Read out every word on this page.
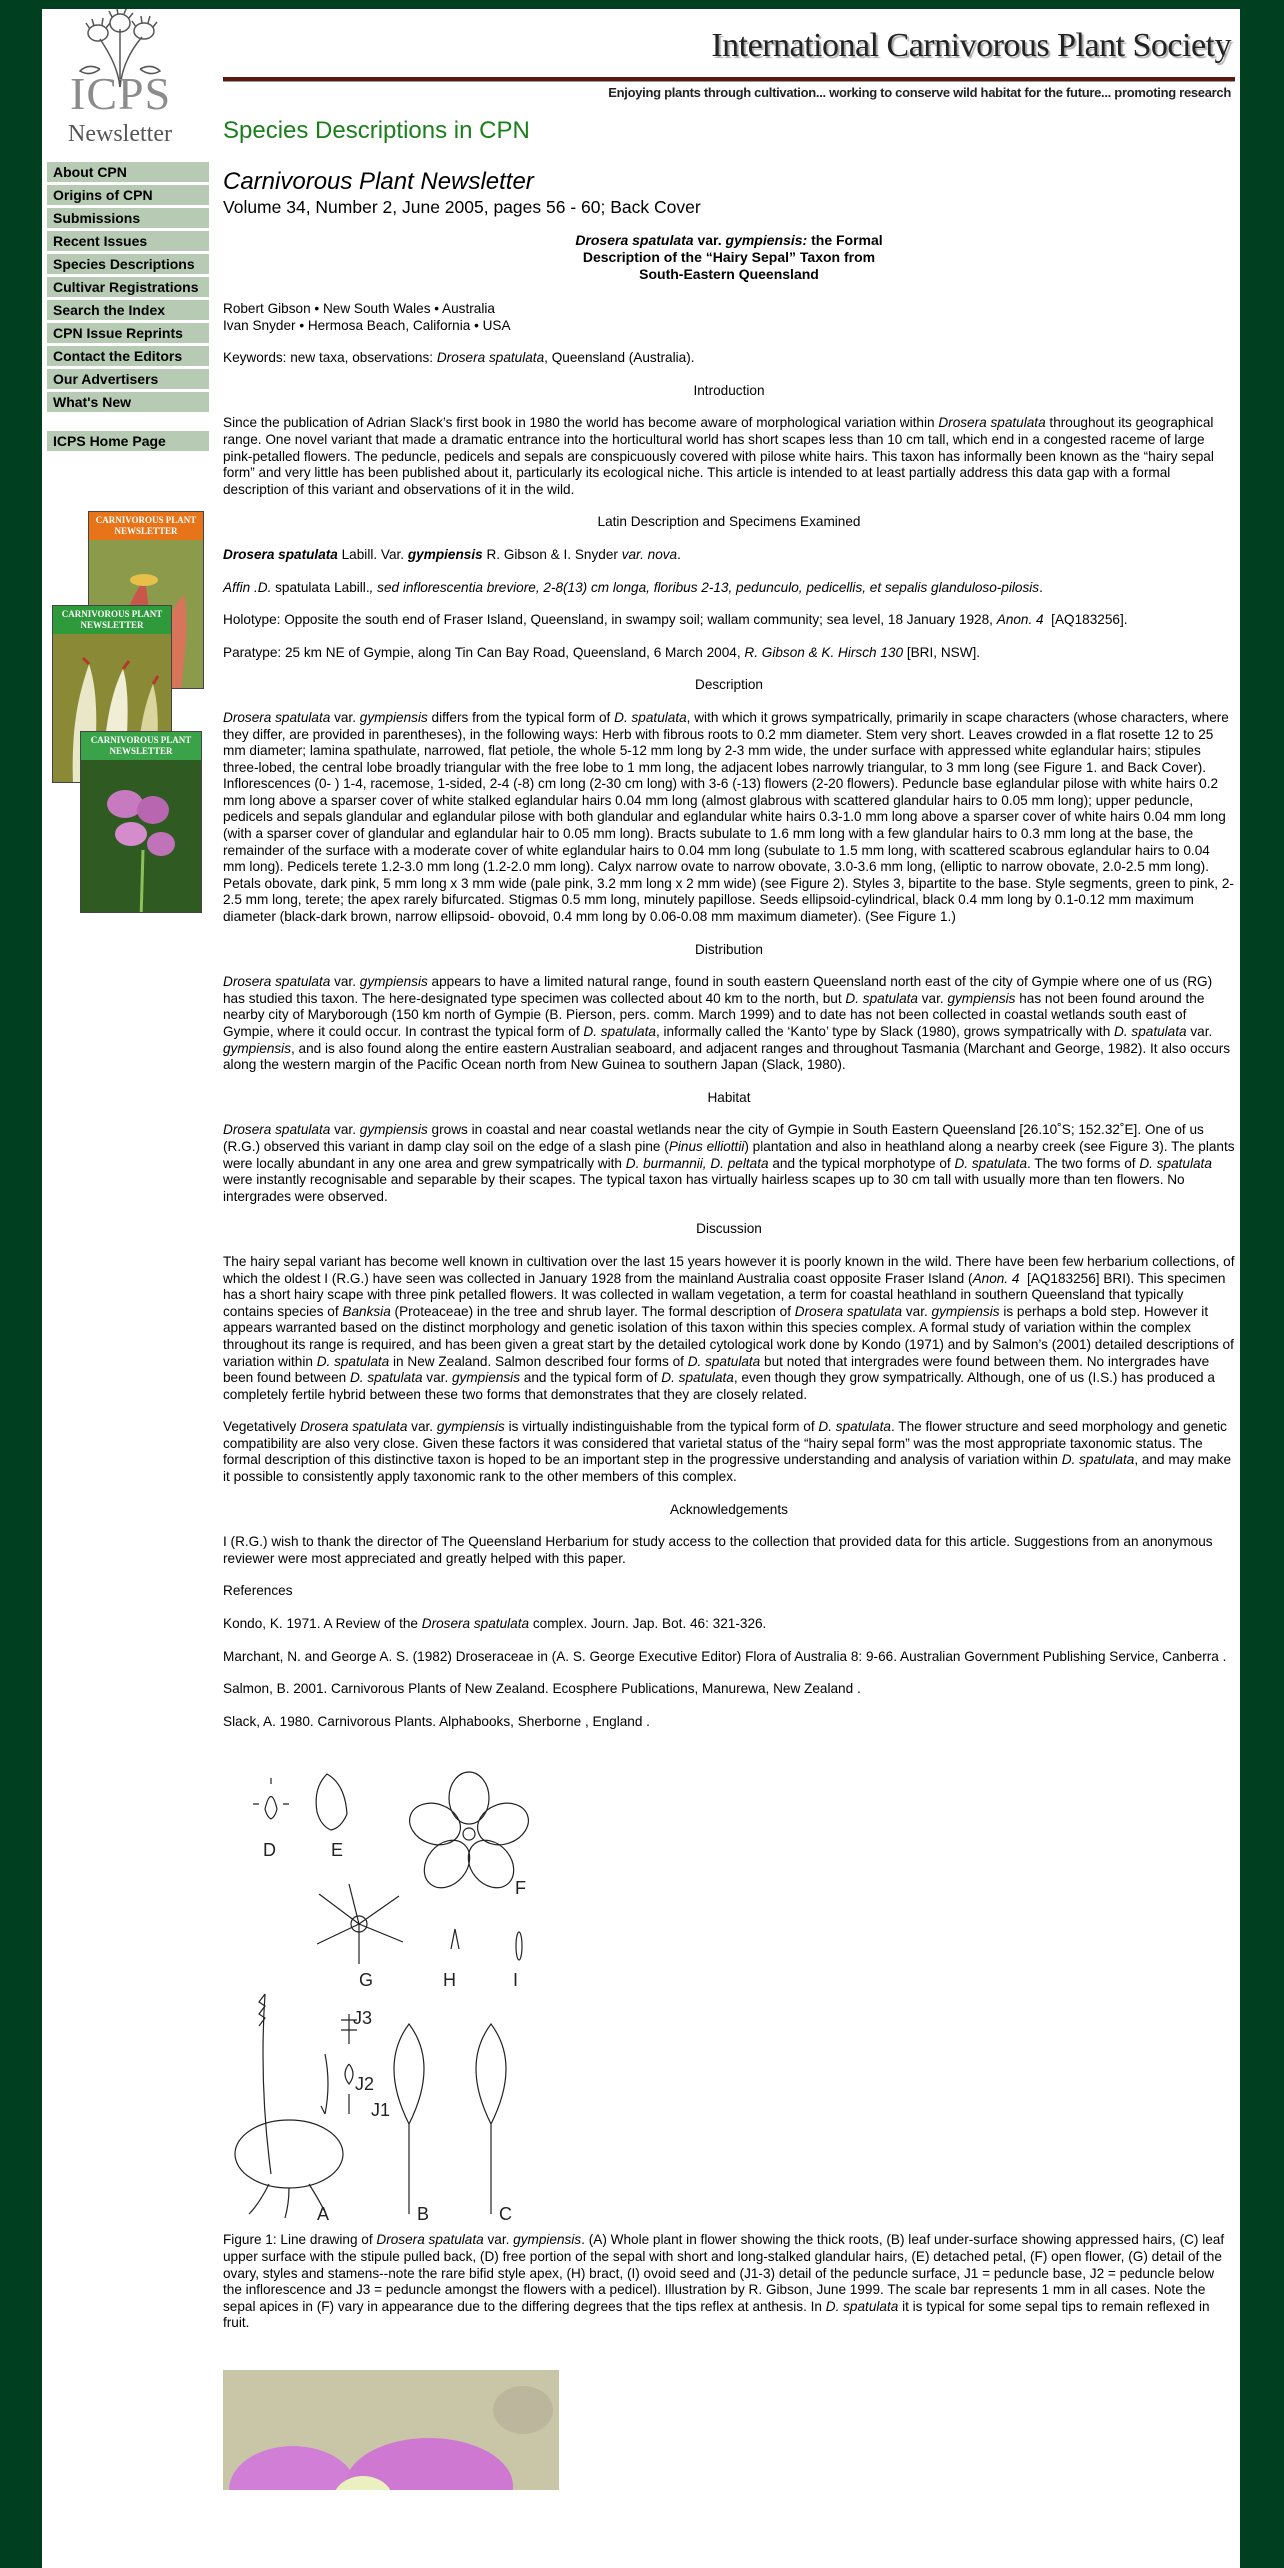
ICPS
Newsletter
About CPN
Origins of CPN
Submissions
Recent Issues
Species Descriptions
Cultivar Registrations
Search the Index
CPN Issue Reprints
Contact the Editors
Our Advertisers
What's New
ICPS Home Page
CARNIVOROUS PLANT NEWSLETTER
CARNIVOROUS PLANT NEWSLETTER
CARNIVOROUS PLANT NEWSLETTER
International Carnivorous Plant Society
Enjoying plants through cultivation... working to conserve wild habitat for the future... promoting research
Species Descriptions in CPN
Carnivorous Plant Newsletter
Volume 34, Number 2, June 2005, pages 56 - 60; Back Cover
Drosera spatulata var. gympiensis: the Formal
Description of the “Hairy Sepal” Taxon from
South-Eastern Queensland
Robert Gibson • New South Wales • Australia
Ivan Snyder • Hermosa Beach, California • USA

Keywords: new taxa, observations: Drosera spatulata, Queensland (Australia).

Introduction

Since the publication of Adrian Slack’s first book in 1980 the world has become aware of morphological variation within Drosera spatulata throughout its geographical range. One novel variant that made a dramatic entrance into the horticultural world has short scapes less than 10 cm tall, which end in a congested raceme of large pink-petalled flowers. The peduncle, pedicels and sepals are conspicuously covered with pilose white hairs. This taxon has informally been known as the “hairy sepal form” and very little has been published about it, particularly its ecological niche. This article is intended to at least partially address this data gap with a formal description of this variant and observations of it in the wild.

Latin Description and Specimens Examined

Drosera spatulata Labill. Var. gympiensis R. Gibson & I. Snyder var. nova.

Affin .D. spatulata Labill., sed inflorescentia breviore, 2-8(13) cm longa, floribus 2-13, pedunculo, pedicellis, et sepalis glanduloso-pilosis.

Holotype: Opposite the south end of Fraser Island, Queensland, in swampy soil; wallam community; sea level, 18 January 1928, Anon. 4  [AQ183256].

Paratype: 25 km NE of Gympie, along Tin Can Bay Road, Queensland, 6 March 2004, R. Gibson & K. Hirsch 130 [BRI, NSW].

Description

Drosera spatulata var. gympiensis differs from the typical form of D. spatulata, with which it grows sympatrically, primarily in scape characters (whose characters, where they differ, are provided in parentheses), in the following ways: Herb with fibrous roots to 0.2 mm diameter. Stem very short. Leaves crowded in a flat rosette 12 to 25 mm diameter; lamina spathulate, narrowed, flat petiole, the whole 5-12 mm long by 2-3 mm wide, the under surface with appressed white eglandular hairs; stipules three-lobed, the central lobe broadly triangular with the free lobe to 1 mm long, the adjacent lobes narrowly triangular, to 3 mm long (see Figure 1. and Back Cover). Inflorescences (0- ) 1-4, racemose, 1-sided, 2-4 (-8) cm long (2-30 cm long) with 3-6 (-13) flowers (2-20 flowers). Peduncle base eglandular pilose with white hairs 0.2 mm long above a sparser cover of white stalked eglandular hairs 0.04 mm long (almost glabrous with scattered glandular hairs to 0.05 mm long); upper peduncle, pedicels and sepals glandular and eglandular pilose with both glandular and eglandular white hairs 0.3-1.0 mm long above a sparser cover of white hairs 0.04 mm long (with a sparser cover of glandular and eglandular hair to 0.05 mm long). Bracts subulate to 1.6 mm long with a few glandular hairs to 0.3 mm long at the base, the remainder of the surface with a moderate cover of white eglandular hairs to 0.04 mm long (subulate to 1.5 mm long, with scattered scabrous eglandular hairs to 0.04 mm long). Pedicels terete 1.2-3.0 mm long (1.2-2.0 mm long). Calyx narrow ovate to narrow obovate, 3.0-3.6 mm long, (elliptic to narrow obovate, 2.0-2.5 mm long). Petals obovate, dark pink, 5 mm long x 3 mm wide (pale pink, 3.2 mm long x 2 mm wide) (see Figure 2). Styles 3, bipartite to the base. Style segments, green to pink, 2-2.5 mm long, terete; the apex rarely bifurcated. Stigmas 0.5 mm long, minutely papillose. Seeds ellipsoid-cylindrical, black 0.4 mm long by 0.1-0.12 mm maximum diameter (black-dark brown, narrow ellipsoid- obovoid, 0.4 mm long by 0.06-0.08 mm maximum diameter). (See Figure 1.)

Distribution

Drosera spatulata var. gympiensis appears to have a limited natural range, found in south eastern Queensland north east of the city of Gympie where one of us (RG) has studied this taxon. The here-designated type specimen was collected about 40 km to the north, but D. spatulata var. gympiensis has not been found around the nearby city of Maryborough (150 km north of Gympie (B. Pierson, pers. comm. March 1999) and to date has not been collected in coastal wetlands south east of Gympie, where it could occur. In contrast the typical form of D. spatulata, informally called the ‘Kanto’ type by Slack (1980), grows sympatrically with D. spatulata var. gympiensis, and is also found along the entire eastern Australian seaboard, and adjacent ranges and throughout Tasmania (Marchant and George, 1982). It also occurs along the western margin of the Pacific Ocean north from New Guinea to southern Japan (Slack, 1980).

Habitat

Drosera spatulata var. gympiensis grows in coastal and near coastal wetlands near the city of Gympie in South Eastern Queensland [26.10˚S; 152.32˚E]. One of us (R.G.) observed this variant in damp clay soil on the edge of a slash pine (Pinus elliottii) plantation and also in heathland along a nearby creek (see Figure 3). The plants were locally abundant in any one area and grew sympatrically with D. burmannii, D. peltata and the typical morphotype of D. spatulata. The two forms of D. spatulata were instantly recognisable and separable by their scapes. The typical taxon has virtually hairless scapes up to 30 cm tall with usually more than ten flowers. No intergrades were observed.

Discussion

The hairy sepal variant has become well known in cultivation over the last 15 years however it is poorly known in the wild. There have been few herbarium collections, of which the oldest I (R.G.) have seen was collected in January 1928 from the mainland Australia coast opposite Fraser Island (Anon. 4  [AQ183256] BRI). This specimen has a short hairy scape with three pink petalled flowers. It was collected in wallam vegetation, a term for coastal heathland in southern Queensland that typically contains species of Banksia (Proteaceae) in the tree and shrub layer. The formal description of Drosera spatulata var. gympiensis is perhaps a bold step. However it appears warranted based on the distinct morphology and genetic isolation of this taxon within this species complex. A formal study of variation within the complex throughout its range is required, and has been given a great start by the detailed cytological work done by Kondo (1971) and by Salmon’s (2001) detailed descriptions of variation within D. spatulata in New Zealand. Salmon described four forms of D. spatulata but noted that intergrades were found between them. No intergrades have been found between D. spatulata var. gympiensis and the typical form of D. spatulata, even though they grow sympatrically. Although, one of us (I.S.) has produced a completely fertile hybrid between these two forms that demonstrates that they are closely related.

Vegetatively Drosera spatulata var. gympiensis is virtually indistinguishable from the typical form of D. spatulata. The flower structure and seed morphology and genetic compatibility are also very close. Given these factors it was considered that varietal status of the “hairy sepal form” was the most appropriate taxonomic status. The formal description of this distinctive taxon is hoped to be an important step in the progressive understanding and analysis of variation within D. spatulata, and may make it possible to consistently apply taxonomic rank to the other members of this complex.

Acknowledgements

I (R.G.) wish to thank the director of The Queensland Herbarium for study access to the collection that provided data for this article. Suggestions from an anonymous reviewer were most appreciated and greatly helped with this paper.

References

Kondo, K. 1971. A Review of the Drosera spatulata complex. Journ. Jap. Bot. 46: 321-326.

Marchant, N. and George A. S. (1982) Droseraceae in (A. S. George Executive Editor) Flora of Australia 8: 9-66. Australian Government Publishing Service, Canberra .

Salmon, B. 2001. Carnivorous Plants of New Zealand. Ecosphere Publications, Manurewa, New Zealand .

Slack, A. 1980. Carnivorous Plants. Alphabooks, Sherborne , England .

D	E
F
G	H	I
J3
J2
J1
A	B	C

Figure 1: Line drawing of Drosera spatulata var. gympiensis. (A) Whole plant in flower showing the thick roots, (B) leaf under-surface showing appressed hairs, (C) leaf upper surface with the stipule pulled back, (D) free portion of the sepal with short and long-stalked glandular hairs, (E) detached petal, (F) open flower, (G) detail of the ovary, styles and stamens--note the rare bifid style apex, (H) bract, (I) ovoid seed and (J1-3) detail of the peduncle surface, J1 = peduncle base, J2 = peduncle below the inflorescence and J3 = peduncle amongst the flowers with a pedicel). Illustration by R. Gibson, June 1999. The scale bar represents 1 mm in all cases. Note the sepal apices in (F) vary in appearance due to the differing degrees that the tips reflex at anthesis. In D. spatulata it is typical for some sepal tips to remain reflexed in fruit.
